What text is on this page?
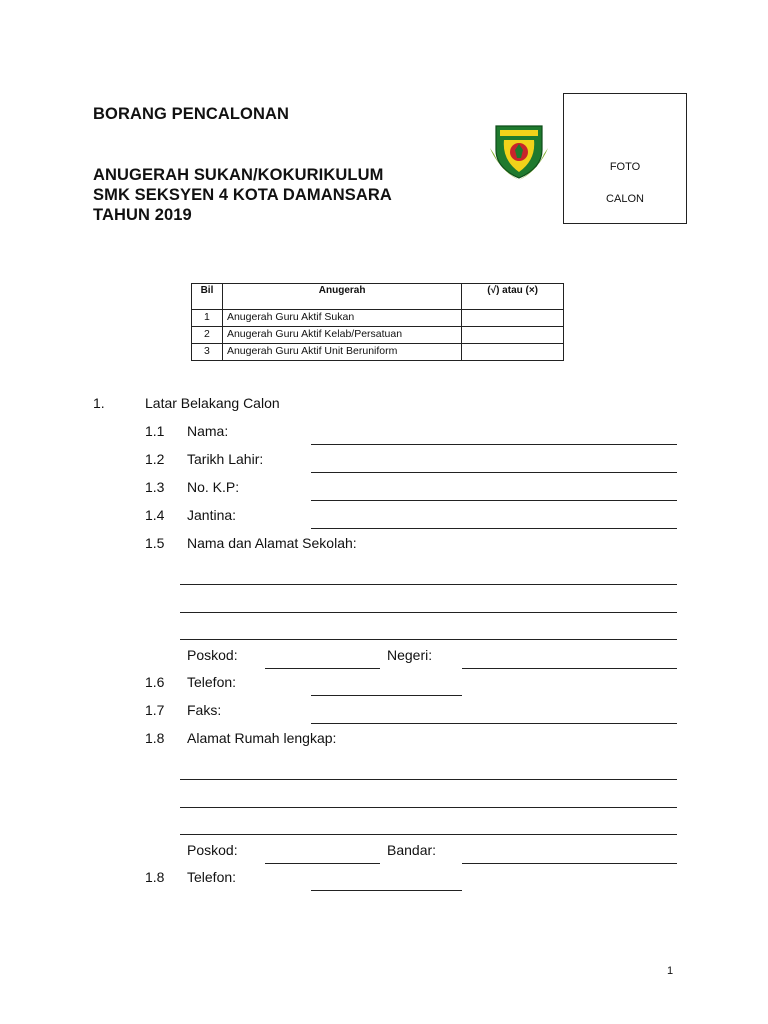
BORANG PENCALONAN
ANUGERAH SUKAN/KOKURIKULUM
SMK SEKSYEN 4 KOTA DAMANSARA
TAHUN 2019
FOTO
CALON
Bil	Anugerah	(√) atau (×)
1	Anugerah Guru Aktif Sukan	
2	Anugerah Guru Aktif Kelab/Persatuan	
3	Anugerah Guru Aktif Unit Beruniform	
1.	Latar Belakang Calon
1.1 Nama:
1.2 Tarikh Lahir:
1.3 No. K.P:
1.4 Jantina:
1.5 Nama dan Alamat Sekolah:
Poskod:	Negeri:
1.6 Telefon:
1.7 Faks:
1.8 Alamat Rumah lengkap:
Poskod:	Bandar:
1.8 Telefon:
1
